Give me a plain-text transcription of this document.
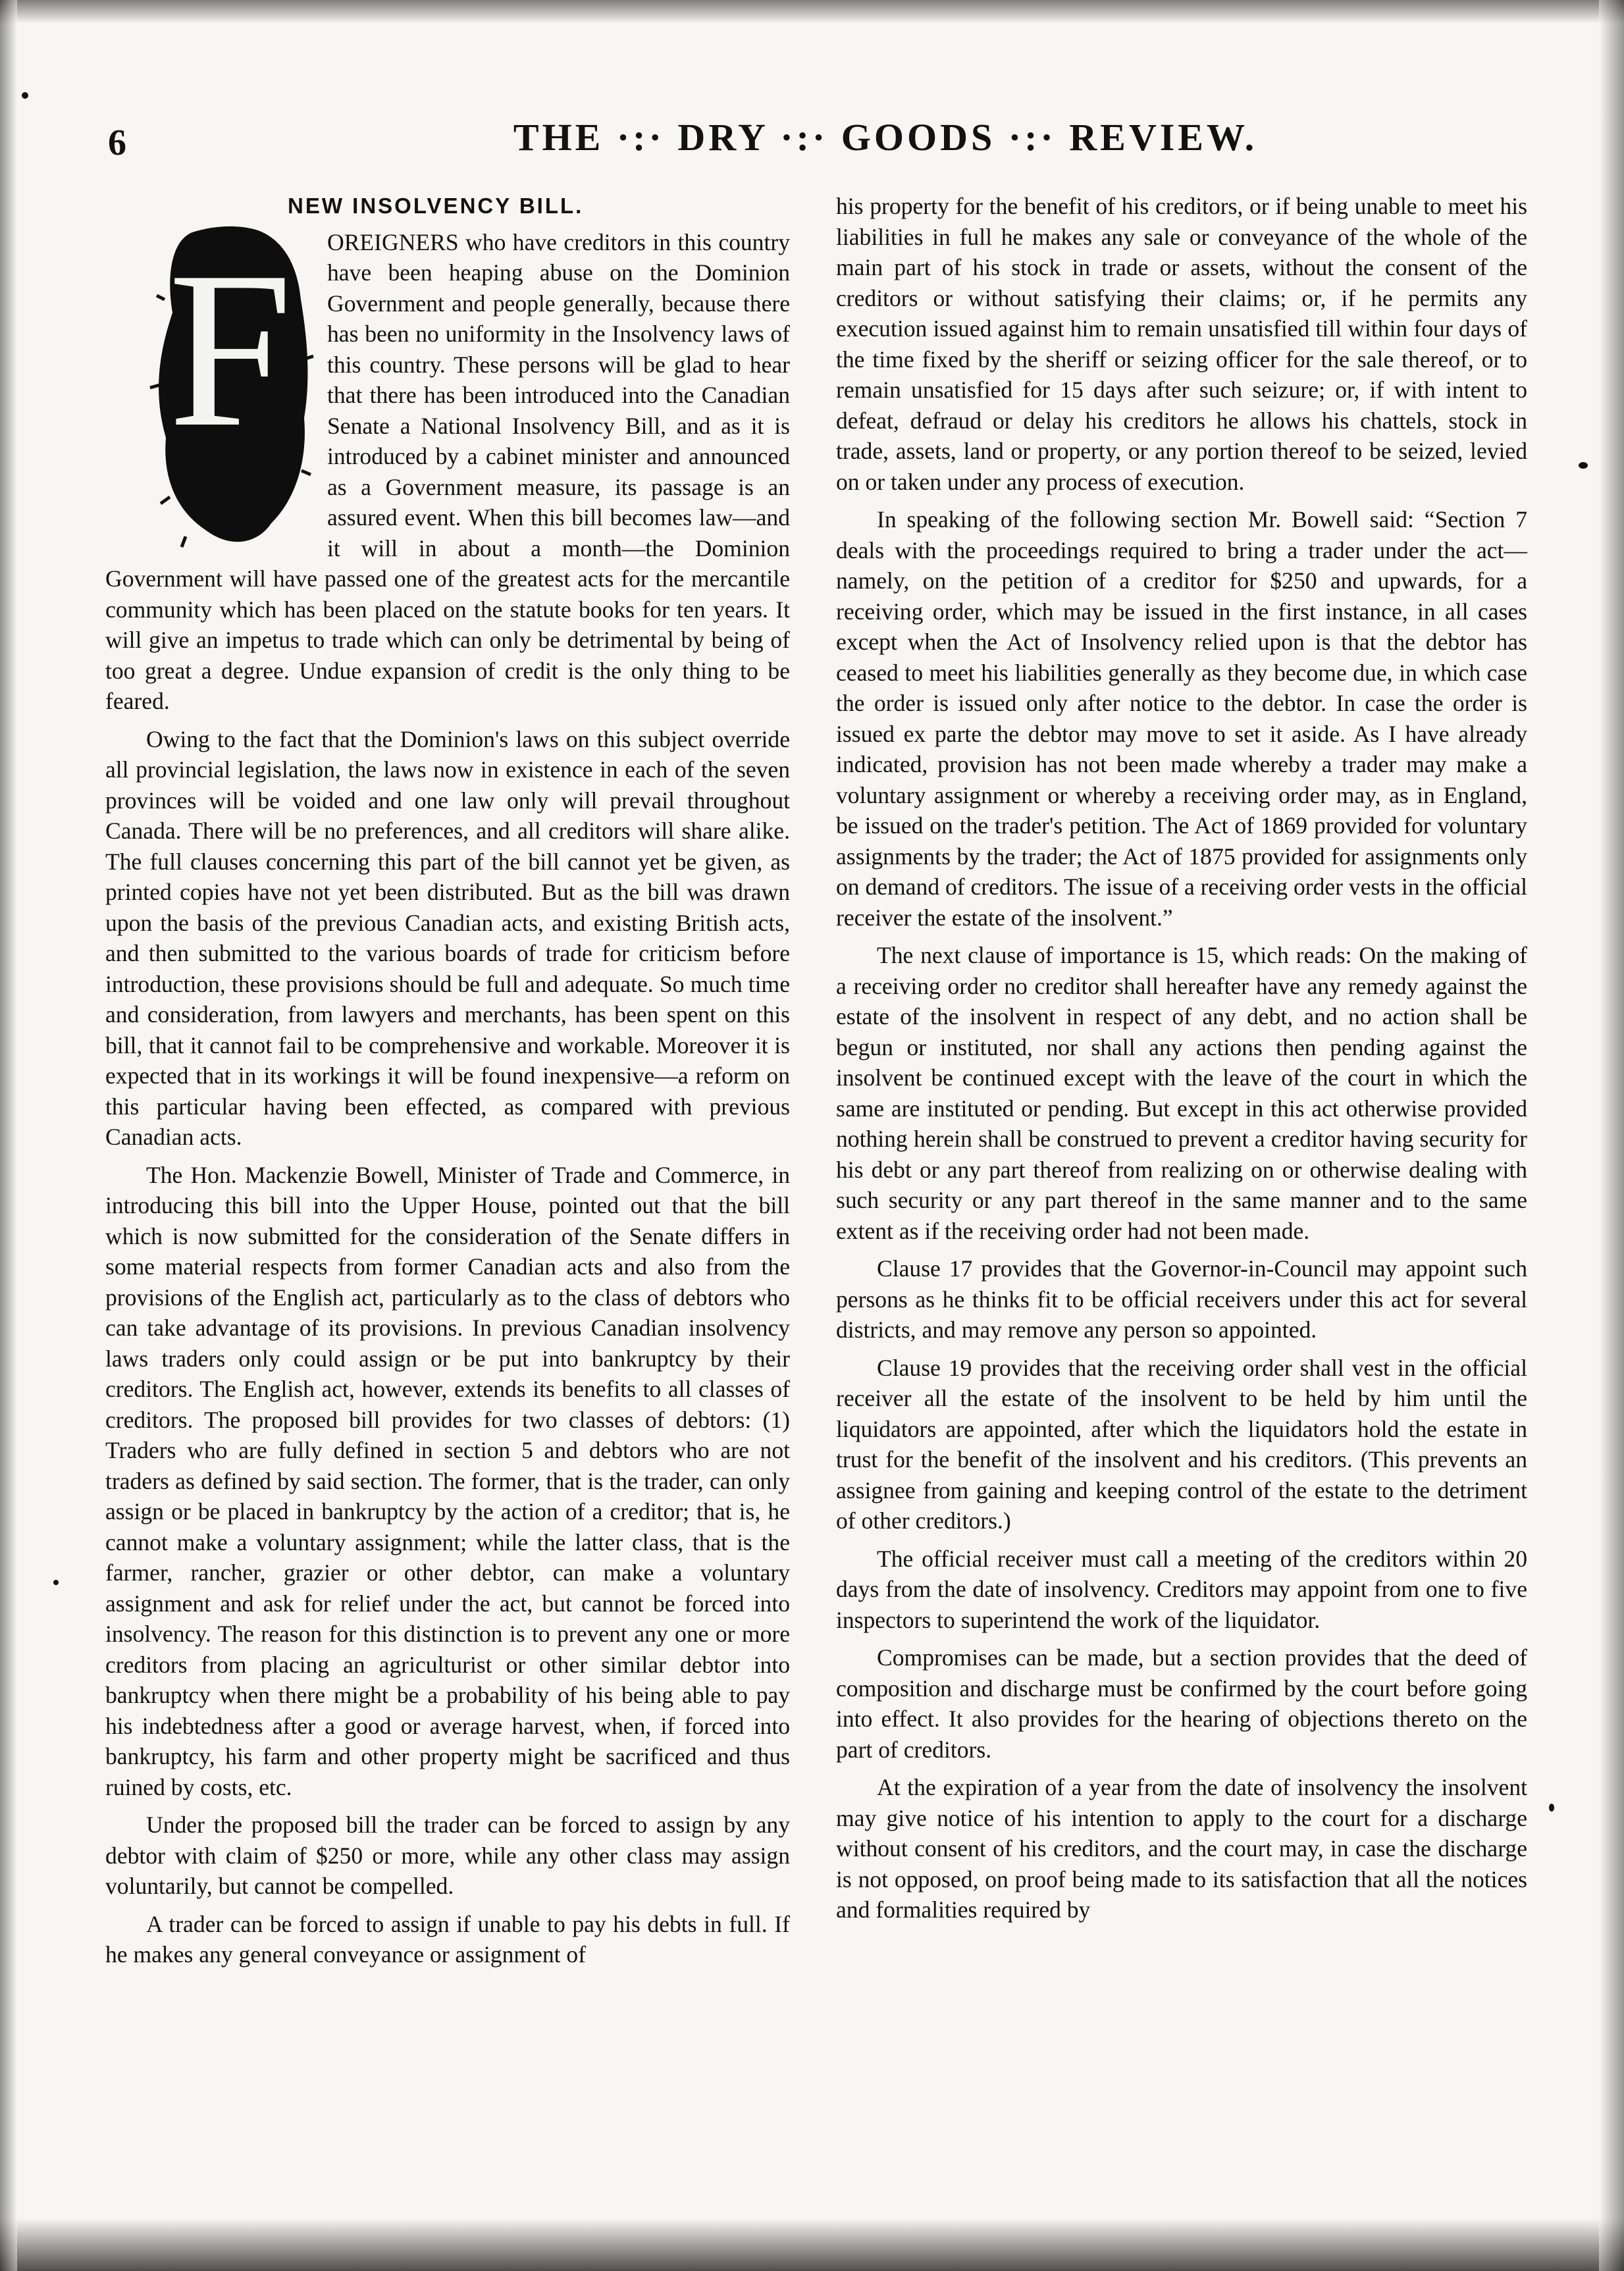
6	THE ·:· DRY ·:· GOODS ·:· REVIEW.
NEW INSOLVENCY BILL.
F	OREIGNERS who have creditors in this country have been heaping abuse on the Dominion Government and people generally, because there has been no uniformity in the Insolvency laws of this country. These persons will be glad to hear that there has been introduced into the Canadian Senate a National Insolvency Bill, and as it is introduced by a cabinet minister and announced as a Government measure, its passage is an assured event. When this bill becomes law—and it will in about a month—the Dominion Government will have passed one of the greatest acts for the mercantile community which has been placed on the statute books for ten years. It will give an impetus to trade which can only be detrimental by being of too great a degree. Undue expansion of credit is the only thing to be feared.

Owing to the fact that the Dominion's laws on this subject override all provincial legislation, the laws now in existence in each of the seven provinces will be voided and one law only will prevail throughout Canada. There will be no preferences, and all creditors will share alike. The full clauses concerning this part of the bill cannot yet be given, as printed copies have not yet been distributed. But as the bill was drawn upon the basis of the previous Canadian acts, and existing British acts, and then submitted to the various boards of trade for criticism before introduction, these provisions should be full and adequate. So much time and consideration, from lawyers and merchants, has been spent on this bill, that it cannot fail to be comprehensive and workable. Moreover it is expected that in its workings it will be found inexpensive—a reform on this particular having been effected, as compared with previous Canadian acts.

The Hon. Mackenzie Bowell, Minister of Trade and Commerce, in introducing this bill into the Upper House, pointed out that the bill which is now submitted for the consideration of the Senate differs in some material respects from former Canadian acts and also from the provisions of the English act, particularly as to the class of debtors who can take advantage of its provisions. In previous Canadian insolvency laws traders only could assign or be put into bankruptcy by their creditors. The English act, however, extends its benefits to all classes of creditors. The proposed bill provides for two classes of debtors: (1) Traders who are fully defined in section 5 and debtors who are not traders as defined by said section. The former, that is the trader, can only assign or be placed in bankruptcy by the action of a creditor; that is, he cannot make a voluntary assignment; while the latter class, that is the farmer, rancher, grazier or other debtor, can make a voluntary assignment and ask for relief under the act, but cannot be forced into insolvency. The reason for this distinction is to prevent any one or more creditors from placing an agriculturist or other similar debtor into bankruptcy when there might be a probability of his being able to pay his indebtedness after a good or average harvest, when, if forced into bankruptcy, his farm and other property might be sacrificed and thus ruined by costs, etc.

Under the proposed bill the trader can be forced to assign by any debtor with claim of $250 or more, while any other class may assign voluntarily, but cannot be compelled.

A trader can be forced to assign if unable to pay his debts in full. If he makes any general conveyance or assignment of

his property for the benefit of his creditors, or if being unable to meet his liabilities in full he makes any sale or conveyance of the whole of the main part of his stock in trade or assets, without the consent of the creditors or without satisfying their claims; or, if he permits any execution issued against him to remain unsatisfied till within four days of the time fixed by the sheriff or seizing officer for the sale thereof, or to remain unsatisfied for 15 days after such seizure; or, if with intent to defeat, defraud or delay his creditors he allows his chattels, stock in trade, assets, land or property, or any portion thereof to be seized, levied on or taken under any process of execution.

In speaking of the following section Mr. Bowell said: “Section 7 deals with the proceedings required to bring a trader under the act—namely, on the petition of a creditor for $250 and upwards, for a receiving order, which may be issued in the first instance, in all cases except when the Act of Insolvency relied upon is that the debtor has ceased to meet his liabilities generally as they become due, in which case the order is issued only after notice to the debtor. In case the order is issued ex parte the debtor may move to set it aside. As I have already indicated, provision has not been made whereby a trader may make a voluntary assignment or whereby a receiving order may, as in England, be issued on the trader's petition. The Act of 1869 provided for voluntary assignments by the trader; the Act of 1875 provided for assignments only on demand of creditors. The issue of a receiving order vests in the official receiver the estate of the insolvent.”

The next clause of importance is 15, which reads: On the making of a receiving order no creditor shall hereafter have any remedy against the estate of the insolvent in respect of any debt, and no action shall be begun or instituted, nor shall any actions then pending against the insolvent be continued except with the leave of the court in which the same are instituted or pending. But except in this act otherwise provided nothing herein shall be construed to prevent a creditor having security for his debt or any part thereof from realizing on or otherwise dealing with such security or any part thereof in the same manner and to the same extent as if the receiving order had not been made.

Clause 17 provides that the Governor-in-Council may appoint such persons as he thinks fit to be official receivers under this act for several districts, and may remove any person so appointed.

Clause 19 provides that the receiving order shall vest in the official receiver all the estate of the insolvent to be held by him until the liquidators are appointed, after which the liquidators hold the estate in trust for the benefit of the insolvent and his creditors. (This prevents an assignee from gaining and keeping control of the estate to the detriment of other creditors.)

The official receiver must call a meeting of the creditors within 20 days from the date of insolvency. Creditors may appoint from one to five inspectors to superintend the work of the liquidator.

Compromises can be made, but a section provides that the deed of composition and discharge must be confirmed by the court before going into effect. It also provides for the hearing of objections thereto on the part of creditors.

At the expiration of a year from the date of insolvency the insolvent may give notice of his intention to apply to the court for a discharge without consent of his creditors, and the court may, in case the discharge is not opposed, on proof being made to its satisfaction that all the notices and formalities required by
